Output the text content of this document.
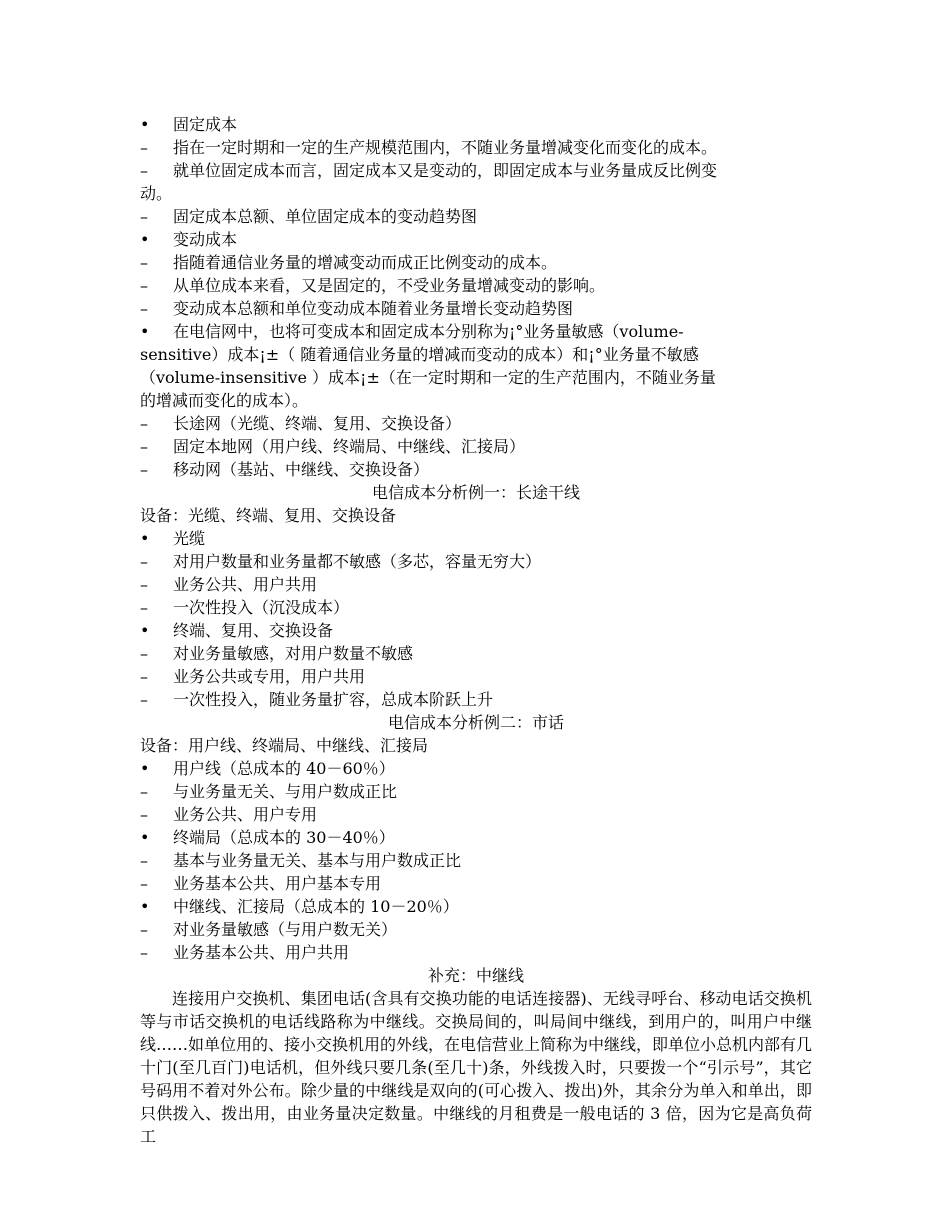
•	固定成本
–	指在一定时期和一定的生产规模范围内，不随业务量增减变化而变化的成本。
– 就单位固定成本而言，固定成本又是变动的，即固定成本与业务量成反比例变
动。
–	固定成本总额、单位固定成本的变动趋势图
•	变动成本
–	指随着通信业务量的增减变动而成正比例变动的成本。
–	从单位成本来看，又是固定的，不受业务量增减变动的影响。
–	变动成本总额和单位变动成本随着业务量增长变动趋势图
• 在电信网中，也将可变成本和固定成本分别称为¡°业务量敏感（volume-
sensitive）成本¡±（ 随着通信业务量的增减而变动的成本）和¡°业务量不敏感
（volume-insensitive ）成本¡±（在一定时期和一定的生产范围内，不随业务量
的增减而变化的成本）。
–	长途网（光缆、终端、复用、交换设备）
–	固定本地网（用户线、终端局、中继线、汇接局）
–	移动网（基站、中继线、交换设备）
电信成本分析例一：长途干线
设备：光缆、终端、复用、交换设备
•	光缆
–	对用户数量和业务量都不敏感（多芯，容量无穷大）
–	业务公共、用户共用
–	一次性投入（沉没成本）
•	终端、复用、交换设备
–	对业务量敏感，对用户数量不敏感
–	业务公共或专用，用户共用
–	一次性投入，随业务量扩容，总成本阶跃上升
电信成本分析例二：市话
设备：用户线、终端局、中继线、汇接局
•	用户线（总成本的 40－60％）
–	与业务量无关、与用户数成正比
–	业务公共、用户专用
•	终端局（总成本的 30－40％）
–	基本与业务量无关、基本与用户数成正比
–	业务基本公共、用户基本专用
•	中继线、汇接局（总成本的 10－20％）
–	对业务量敏感（与用户数无关）
–	业务基本公共、用户共用
补充：中继线
连接用户交换机、集团电话(含具有交换功能的电话连接器)、无线寻呼台、移动电话交换机等与市话交换机的电话线路称为中继线。交换局间的，叫局间中继线，到用户的，叫用户中继线……如单位用的、接小交换机用的外线，在电信营业上简称为中继线，即单位小总机内部有几十门(至几百门)电话机，但外线只要几条(至几十)条，外线拨入时，只要拨一个“引示号”，其它号码用不着对外公布。除少量的中继线是双向的(可心拨入、拨出)外，其余分为单入和单出，即只供拨入、拨出用，由业务量决定数量。中继线的月租费是一般电话的 3 倍，因为它是高负荷工
